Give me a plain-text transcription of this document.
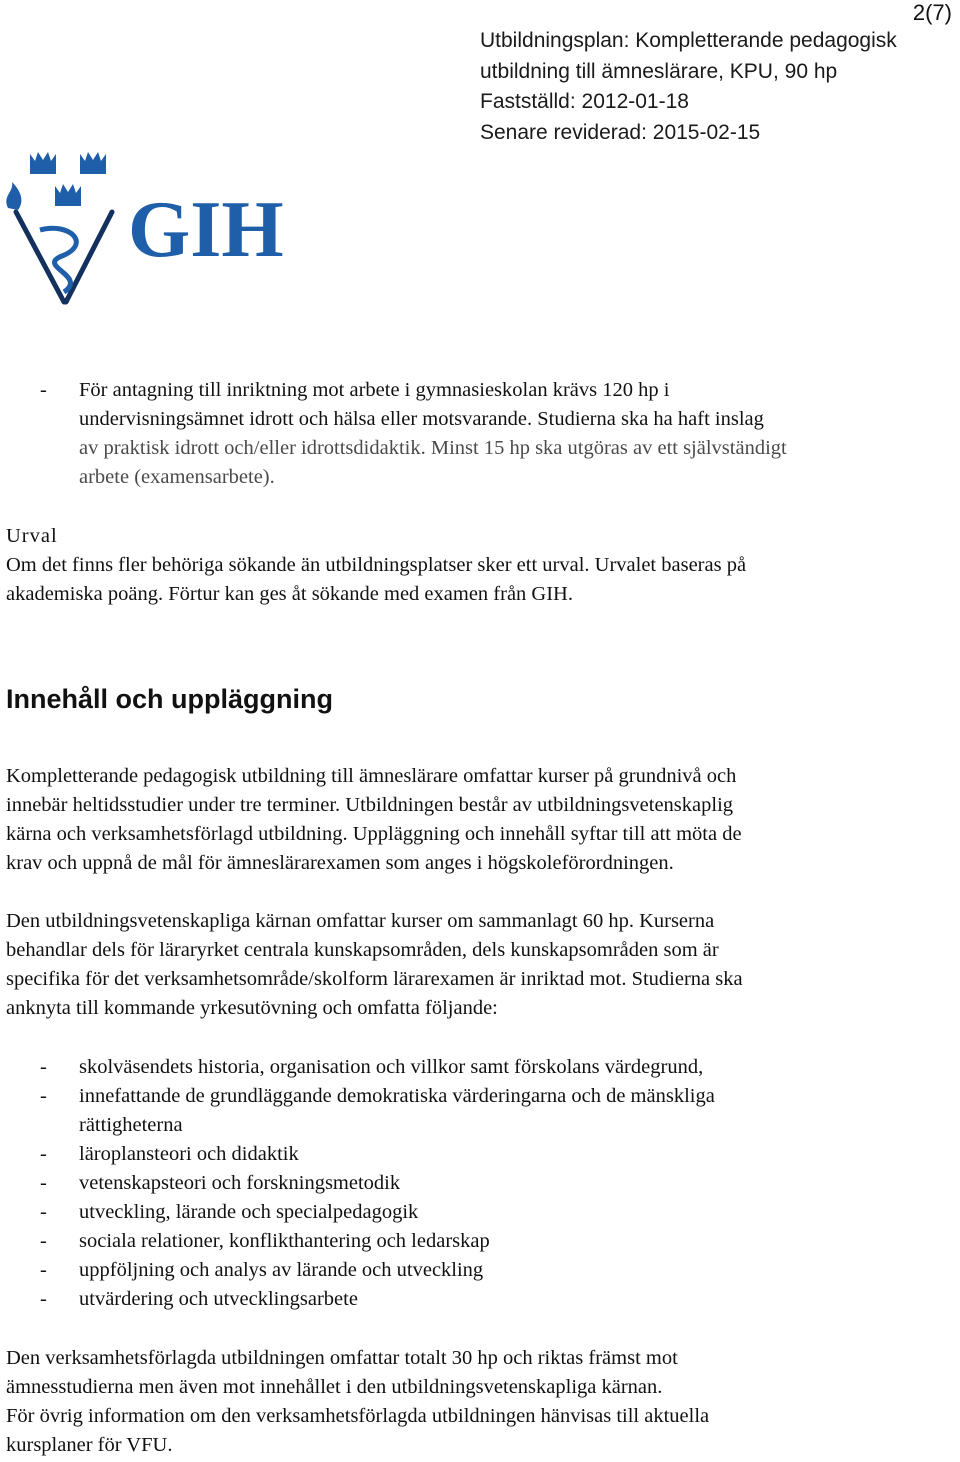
2(7)
Utbildningsplan: Kompletterande pedagogisk
utbildning till ämneslärare, KPU, 90 hp
Fastställd: 2012-01-18
Senare reviderad: 2015-02-15
GIH
- För antagning till inriktning mot arbete i gymnasieskolan krävs 120 hp i
undervisningsämnet idrott och hälsa eller motsvarande. Studierna ska ha haft inslag
av praktisk idrott och/eller idrottsdidaktik. Minst 15 hp ska utgöras av ett självständigt
arbete (examensarbete).
Urval
Om det finns fler behöriga sökande än utbildningsplatser sker ett urval. Urvalet baseras på
akademiska poäng. Förtur kan ges åt sökande med examen från GIH.
Innehåll och uppläggning
Kompletterande pedagogisk utbildning till ämneslärare omfattar kurser på grundnivå och
innebär heltidsstudier under tre terminer. Utbildningen består av utbildningsvetenskaplig
kärna och verksamhetsförlagd utbildning. Uppläggning och innehåll syftar till att möta de
krav och uppnå de mål för ämneslärarexamen som anges i högskoleförordningen.
Den utbildningsvetenskapliga kärnan omfattar kurser om sammanlagt 60 hp. Kurserna
behandlar dels för läraryrket centrala kunskapsområden, dels kunskapsområden som är
specifika för det verksamhetsområde/skolform lärarexamen är inriktad mot. Studierna ska
anknyta till kommande yrkesutövning och omfatta följande:
- skolväsendets historia, organisation och villkor samt förskolans värdegrund,
- innefattande de grundläggande demokratiska värderingarna och de mänskliga
rättigheterna
- läroplansteori och didaktik
- vetenskapsteori och forskningsmetodik
- utveckling, lärande och specialpedagogik
- sociala relationer, konflikthantering och ledarskap
- uppföljning och analys av lärande och utveckling
- utvärdering och utvecklingsarbete
Den verksamhetsförlagda utbildningen omfattar totalt 30 hp och riktas främst mot
ämnesstudierna men även mot innehållet i den utbildningsvetenskapliga kärnan.
För övrig information om den verksamhetsförlagda utbildningen hänvisas till aktuella
kursplaner för VFU.
